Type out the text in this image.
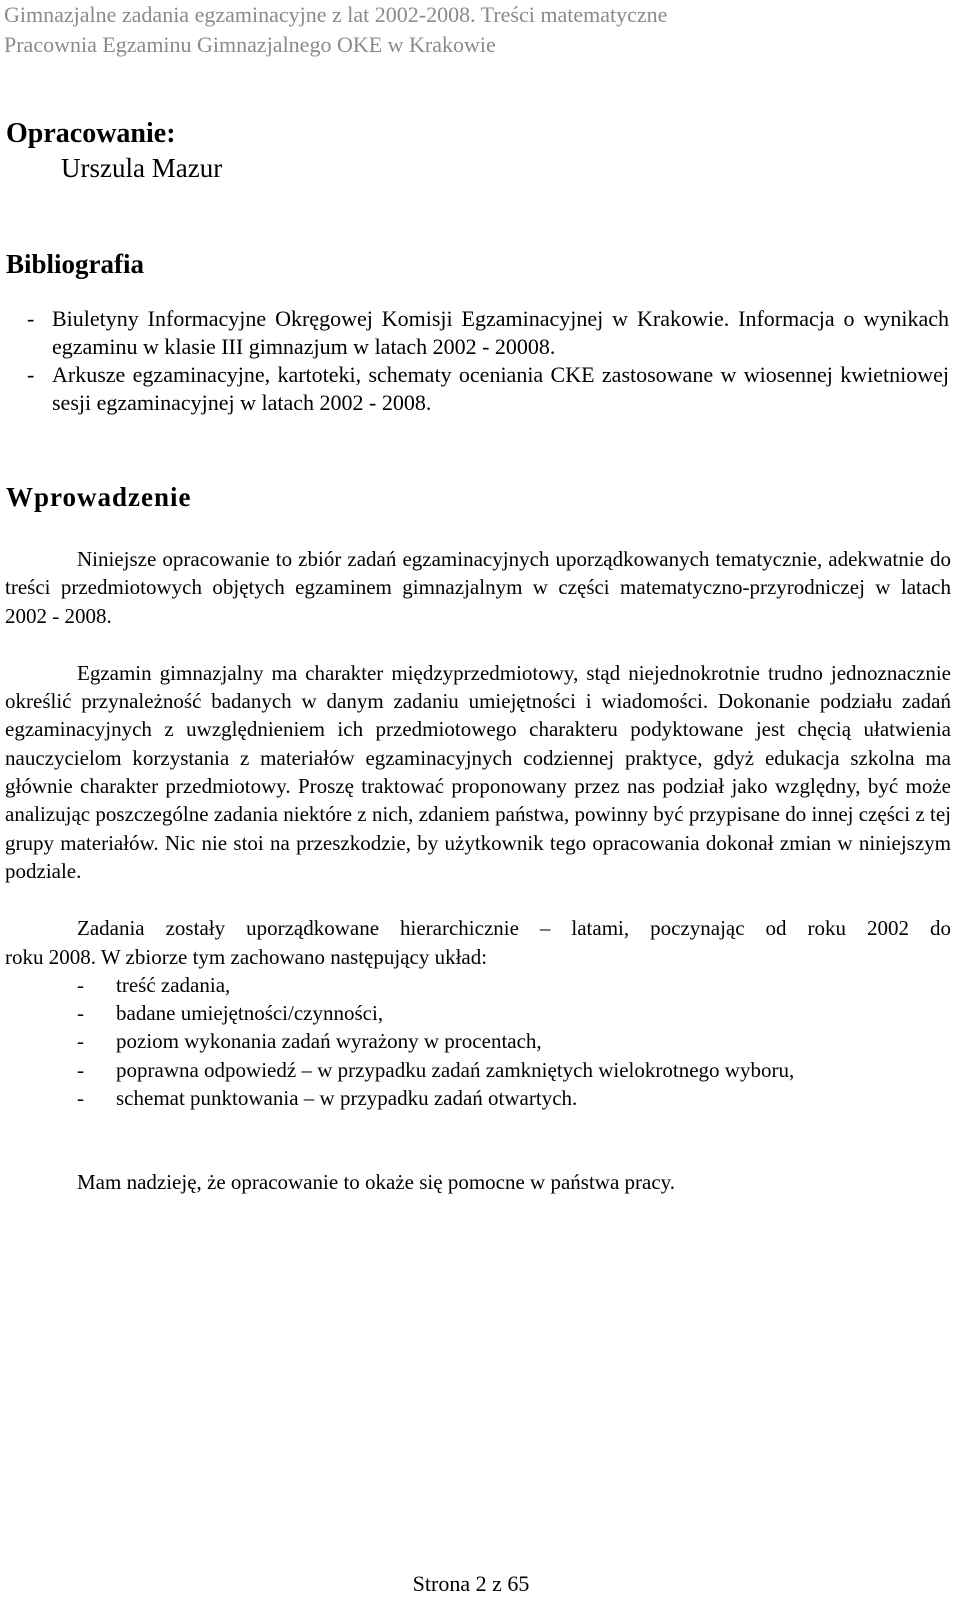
Gimnazjalne zadania egzaminacyjne z lat 2002-2008. Treści matematyczne
Pracownia Egzaminu Gimnazjalnego OKE w Krakowie
Opracowanie:
Urszula Mazur
Bibliografia
- Biuletyny Informacyjne Okręgowej Komisji Egzaminacyjnej w Krakowie. Informacja o wynikach egzaminu w klasie III gimnazjum w latach 2002 - 20008.
- Arkusze egzaminacyjne, kartoteki, schematy oceniania CKE zastosowane w wiosennej kwietniowej sesji egzaminacyjnej w latach 2002 - 2008.
Wprowadzenie

Niniejsze opracowanie to zbiór zadań egzaminacyjnych uporządkowanych tematycznie, adekwatnie do treści przedmiotowych objętych egzaminem gimnazjalnym w części matematyczno-przyrodniczej w latach 2002 - 2008.

Egzamin gimnazjalny ma charakter międzyprzedmiotowy, stąd niejednokrotnie trudno jednoznacznie określić przynależność badanych w danym zadaniu umiejętności i wiadomości. Dokonanie podziału zadań egzaminacyjnych z uwzględnieniem ich przedmiotowego charakteru podyktowane jest chęcią ułatwienia nauczycielom korzystania z materiałów egzaminacyjnych codziennej praktyce, gdyż edukacja szkolna ma głównie charakter przedmiotowy. Proszę traktować proponowany przez nas podział jako względny, być może analizując poszczególne zadania niektóre z nich, zdaniem państwa, powinny być przypisane do innej części z tej grupy materiałów. Nic nie stoi na przeszkodzie, by użytkownik tego opracowania dokonał zmian w niniejszym podziale.

Zadania zostały uporządkowane hierarchicznie – latami, poczynając od roku 2002 do

roku 2008. W zbiorze tym zachowano następujący układ:

- treść zadania,
- badane umiejętności/czynności,
- poziom wykonania zadań wyrażony w procentach,
- poprawna odpowiedź – w przypadku zadań zamkniętych wielokrotnego wyboru,
- schemat punktowania – w przypadku zadań otwartych.

Mam nadzieję, że opracowanie to okaże się pomocne w państwa pracy.

Strona 2 z 65
